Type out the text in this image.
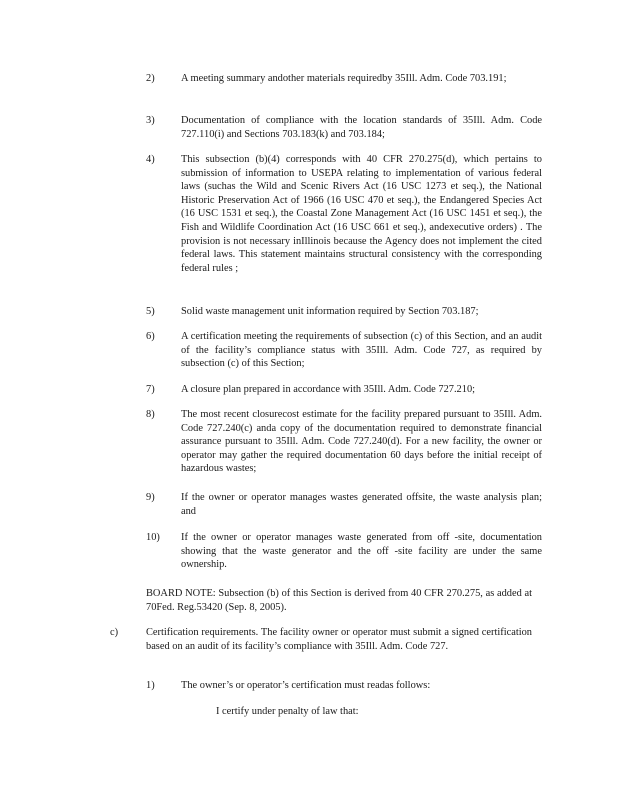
2)	A meeting summary andother materials requiredby 35Ill. Adm. Code 703.191;
3)	Documentation of compliance with the location standards of 35Ill. Adm. Code 727.110(i) and Sections 703.183(k) and 703.184;
4)	This subsection (b)(4) corresponds with 40 CFR 270.275(d), which pertains to submission of information to USEPA relating to implementation of various federal laws (suchas the Wild and Scenic Rivers Act (16 USC 1273 et seq.), the National Historic Preservation Act of 1966 (16 USC 470 et seq.), the Endangered Species Act (16 USC 1531 et seq.), the Coastal Zone Management Act (16 USC 1451 et seq.), the Fish and Wildlife Coordination Act (16 USC 661 et seq.), andexecutive orders) . The provision is not necessary inIllinois because the Agency does not implement the cited federal laws. This statement maintains structural consistency with the corresponding federal rules ;
5)	Solid waste management unit information required by Section 703.187;
6)	A certification meeting the requirements of subsection (c) of this Section, and an audit of the facility’s compliance status with 35Ill. Adm. Code 727, as required by subsection (c) of this Section;
7)	A closure plan prepared in accordance with 35Ill. Adm. Code 727.210;
8)	The most recent closurecost estimate for the facility prepared pursuant to 35Ill. Adm. Code 727.240(c) anda copy of the documentation required to demonstrate financial assurance pursuant to 35Ill. Adm. Code 727.240(d). For a new facility, the owner or operator may gather the required documentation 60 days before the initial receipt of hazardous wastes;
9)	If the owner or operator manages wastes generated offsite, the waste analysis plan; and
10) If the owner or operator manages waste generated from off -site, documentation showing that the waste generator and the off -site facility are under the same ownership.
BOARD NOTE: Subsection (b) of this Section is derived from 40 CFR 270.275, as added at 70Fed. Reg.53420 (Sep. 8, 2005).
c)	Certification requirements. The facility owner or operator must submit a signed certification based on an audit of its facility’s compliance with 35Ill. Adm. Code 727.
1)	The owner’s or operator’s certification must readas follows:
I certify under penalty of law that:
